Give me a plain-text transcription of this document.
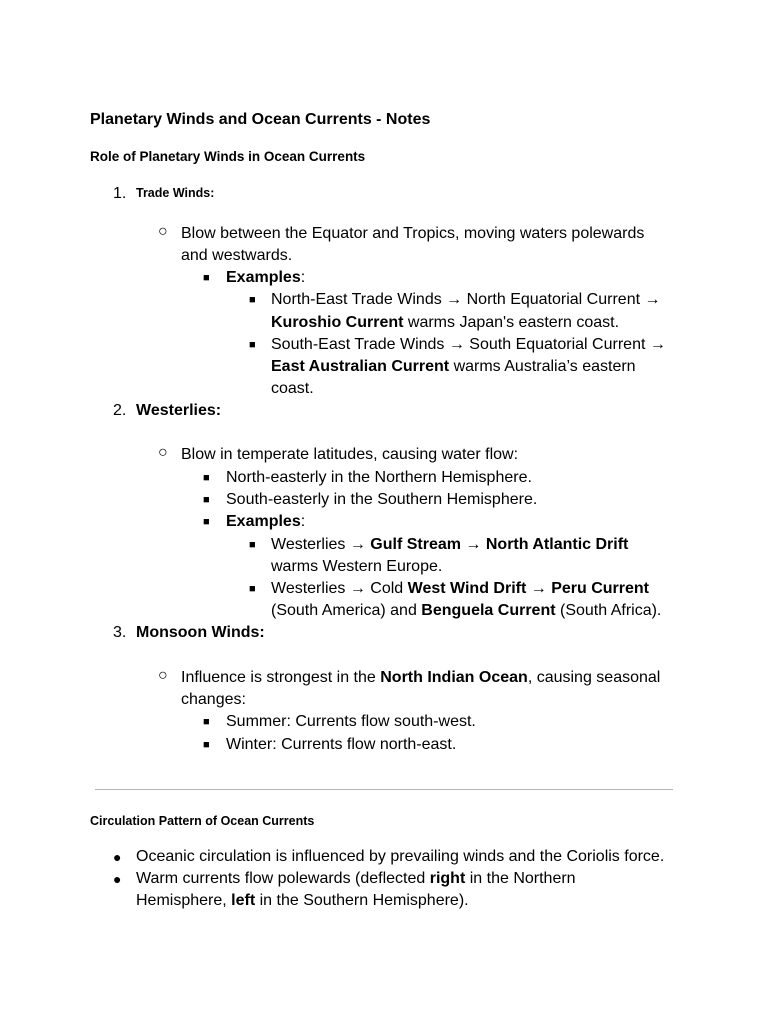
Planetary Winds and Ocean Currents - Notes
Role of Planetary Winds in Ocean Currents
1. Trade Winds:
○ Blow between the Equator and Tropics, moving waters polewards
and westwards.
■ Examples:
■ North-East Trade Winds → North Equatorial Current →
Kuroshio Current warms Japan's eastern coast.
■ South-East Trade Winds → South Equatorial Current →
East Australian Current warms Australia’s eastern
coast.
2. Westerlies:
○ Blow in temperate latitudes, causing water flow:
■ North-easterly in the Northern Hemisphere.
■ South-easterly in the Southern Hemisphere.
■ Examples:
■ Westerlies → Gulf Stream → North Atlantic Drift
warms Western Europe.
■ Westerlies → Cold West Wind Drift → Peru Current
(South America) and Benguela Current (South Africa).
3. Monsoon Winds:
○ Influence is strongest in the North Indian Ocean, causing seasonal
changes:
■ Summer: Currents flow south-west.
■ Winter: Currents flow north-east.
Circulation Pattern of Ocean Currents
● Oceanic circulation is influenced by prevailing winds and the Coriolis force.
● Warm currents flow polewards (deflected right in the Northern
Hemisphere, left in the Southern Hemisphere).
